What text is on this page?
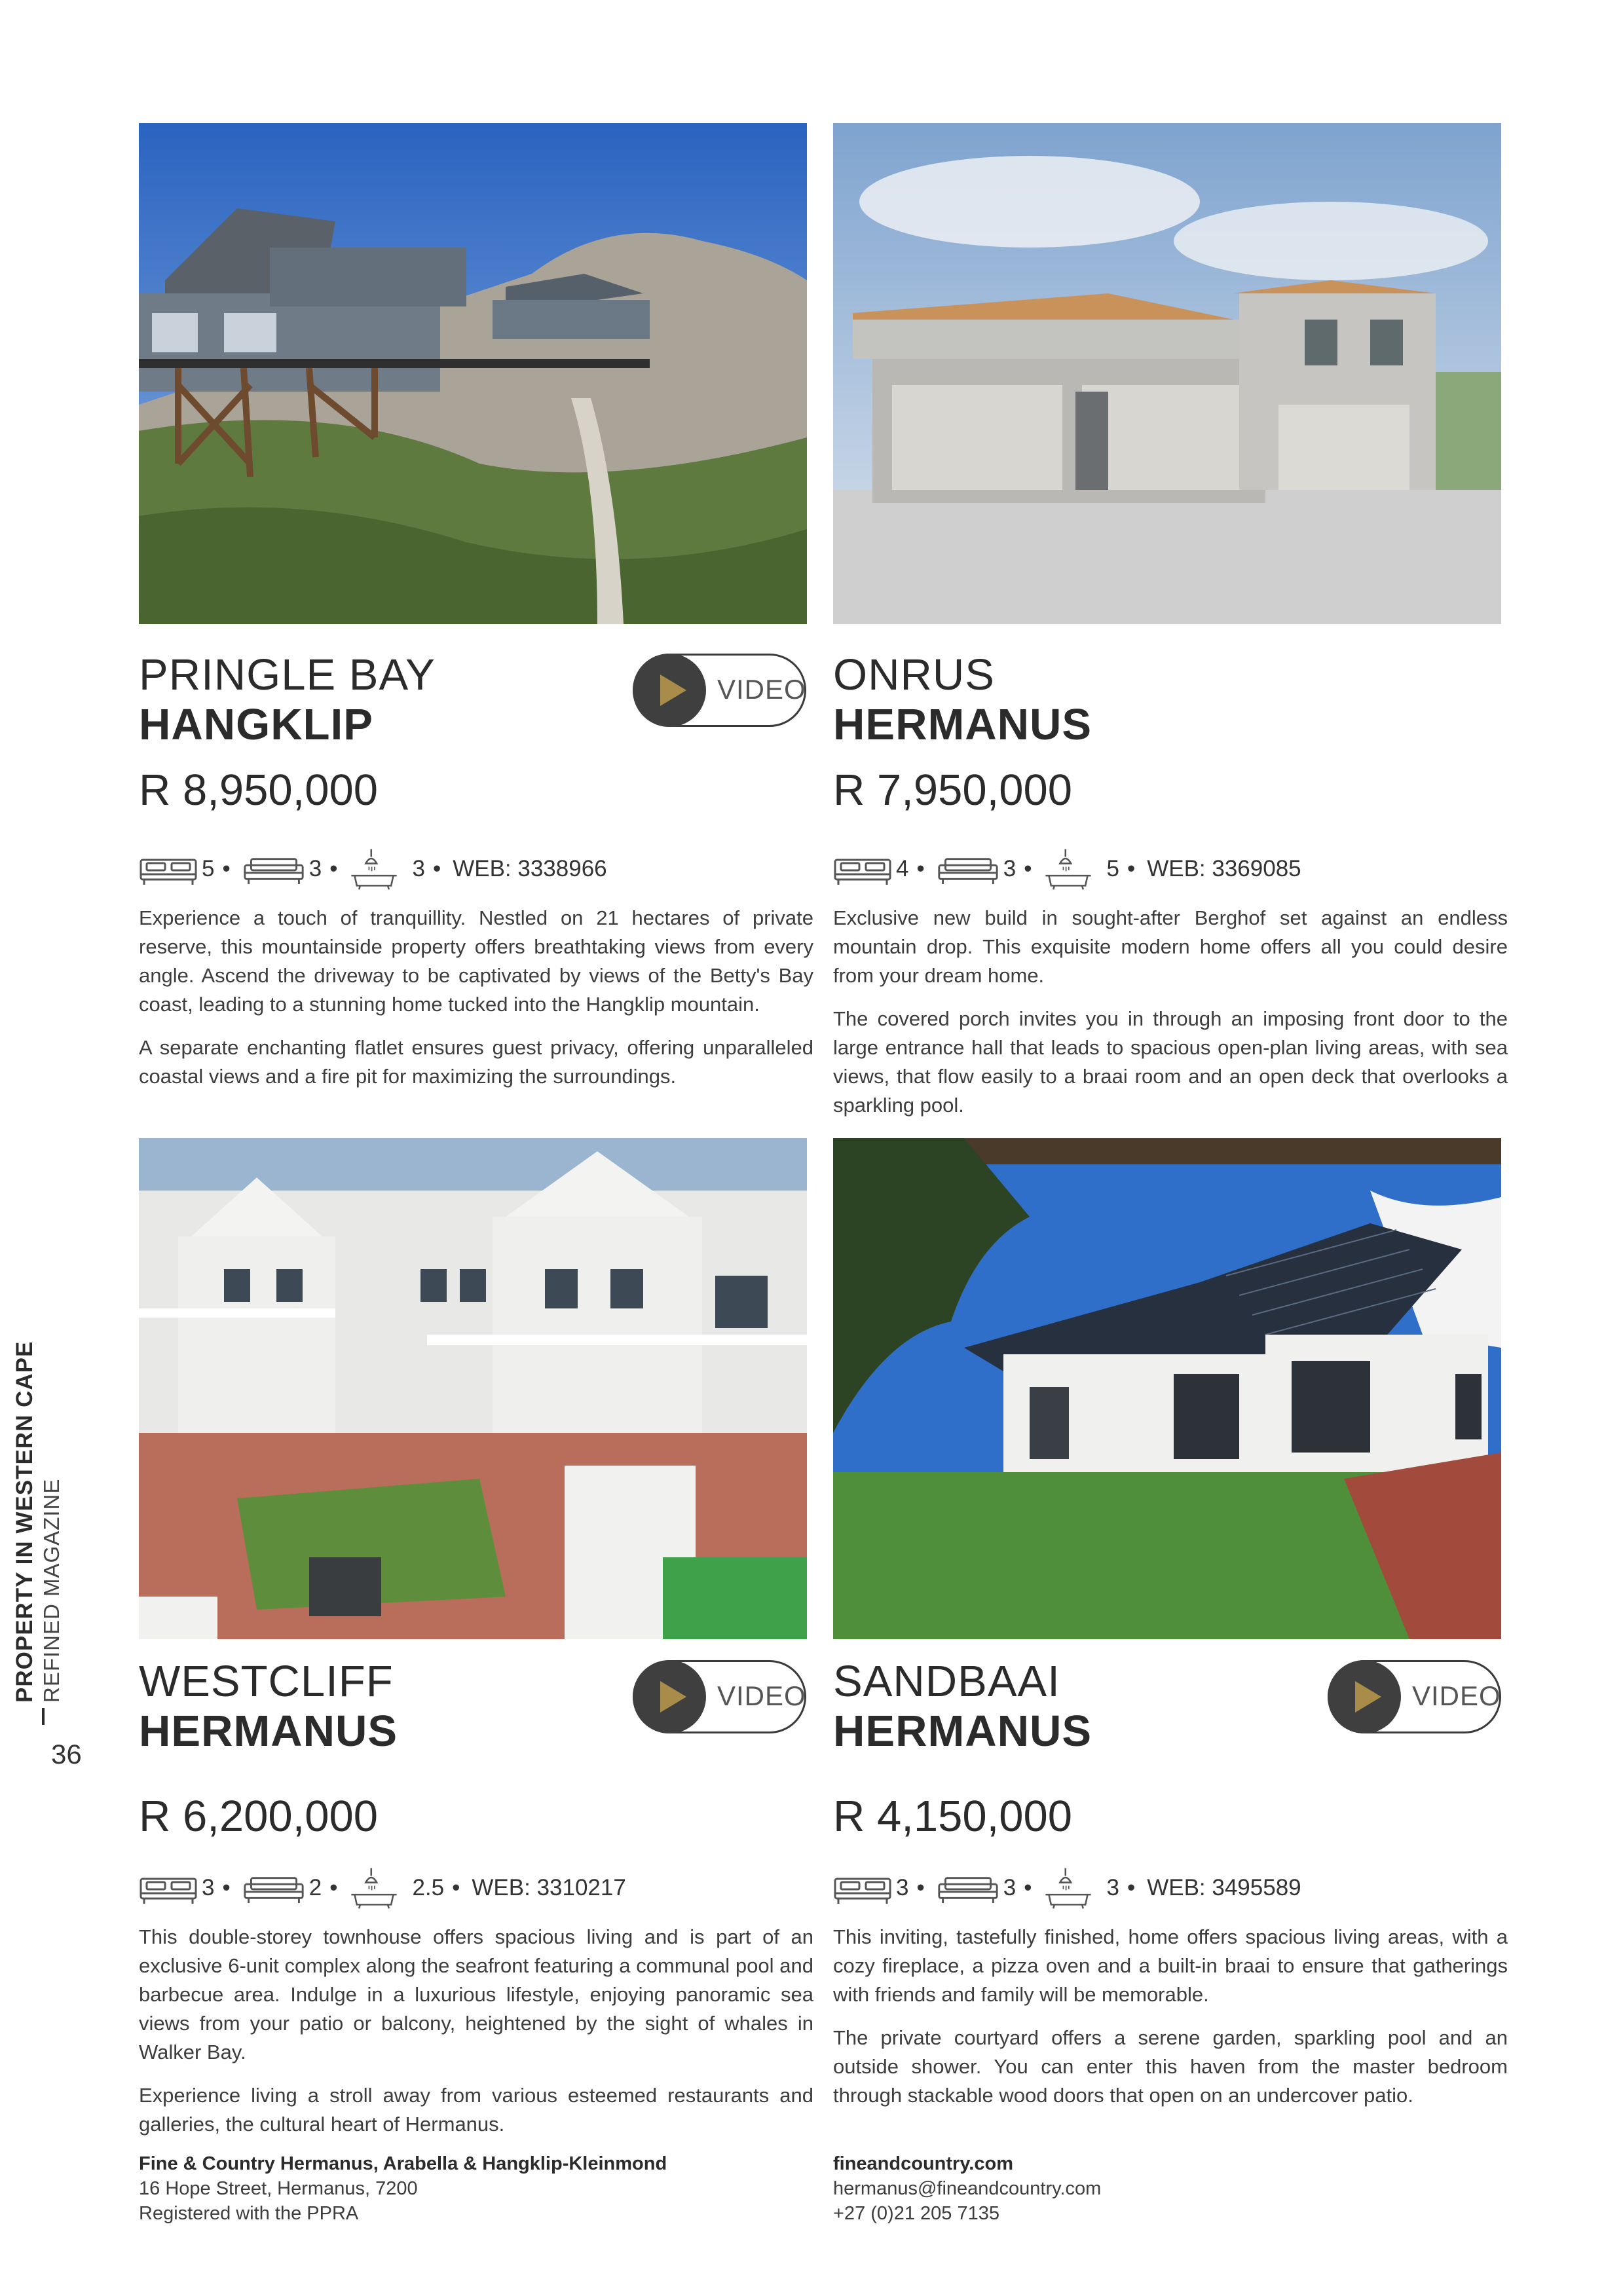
PRINGLE BAY
HANGKLIP
VIDEO
R 8,950,000
5 •	3 •	3 • WEB: 3338966

Experience a touch of tranquillity. Nestled on 21 hectares of private reserve, this mountainside property offers breathtaking views from every angle. Ascend the driveway to be captivated by views of the Betty's Bay coast, leading to a stunning home tucked into the Hangklip mountain.

A separate enchanting flatlet ensures guest privacy, offering unparalleled coastal views and a fire pit for maximizing the surroundings.

ONRUS
HERMANUS
R 7,950,000
4 •	3 •	5 • WEB: 3369085

Exclusive new build in sought-after Berghof set against an endless mountain drop. This exquisite modern home offers all you could desire from your dream home.

The covered porch invites you in through an imposing front door to the large entrance hall that leads to spacious open-plan living areas, with sea views, that flow easily to a braai room and an open deck that overlooks a sparkling pool.

WESTCLIFF
HERMANUS
VIDEO
R 6,200,000
3 •	2 •	2.5 • WEB: 3310217

This double-storey townhouse offers spacious living and is part of an exclusive 6-unit complex along the seafront featuring a communal pool and barbecue area. Indulge in a luxurious lifestyle, enjoying panoramic sea views from your patio or balcony, heightened by the sight of whales in Walker Bay.

Experience living a stroll away from various esteemed restaurants and galleries, the cultural heart of Hermanus.

SANDBAAI
HERMANUS
VIDEO
R 4,150,000
3 •	3 •	3 • WEB: 3495589

This inviting, tastefully finished, home offers spacious living areas, with a cozy fireplace, a pizza oven and a built-in braai to ensure that gatherings with friends and family will be memorable.

The private courtyard offers a serene garden, sparkling pool and an outside shower. You can enter this haven from the master bedroom through stackable wood doors that open on an undercover patio.

PROPERTY IN WESTERN CAPE REFINED MAGAZINE
36
Fine & Country Hermanus, Arabella & Hangklip-Kleinmond
16 Hope Street, Hermanus, 7200
Registered with the PPRA
fineandcountry.com
hermanus@fineandcountry.com
+27 (0)21 205 7135
